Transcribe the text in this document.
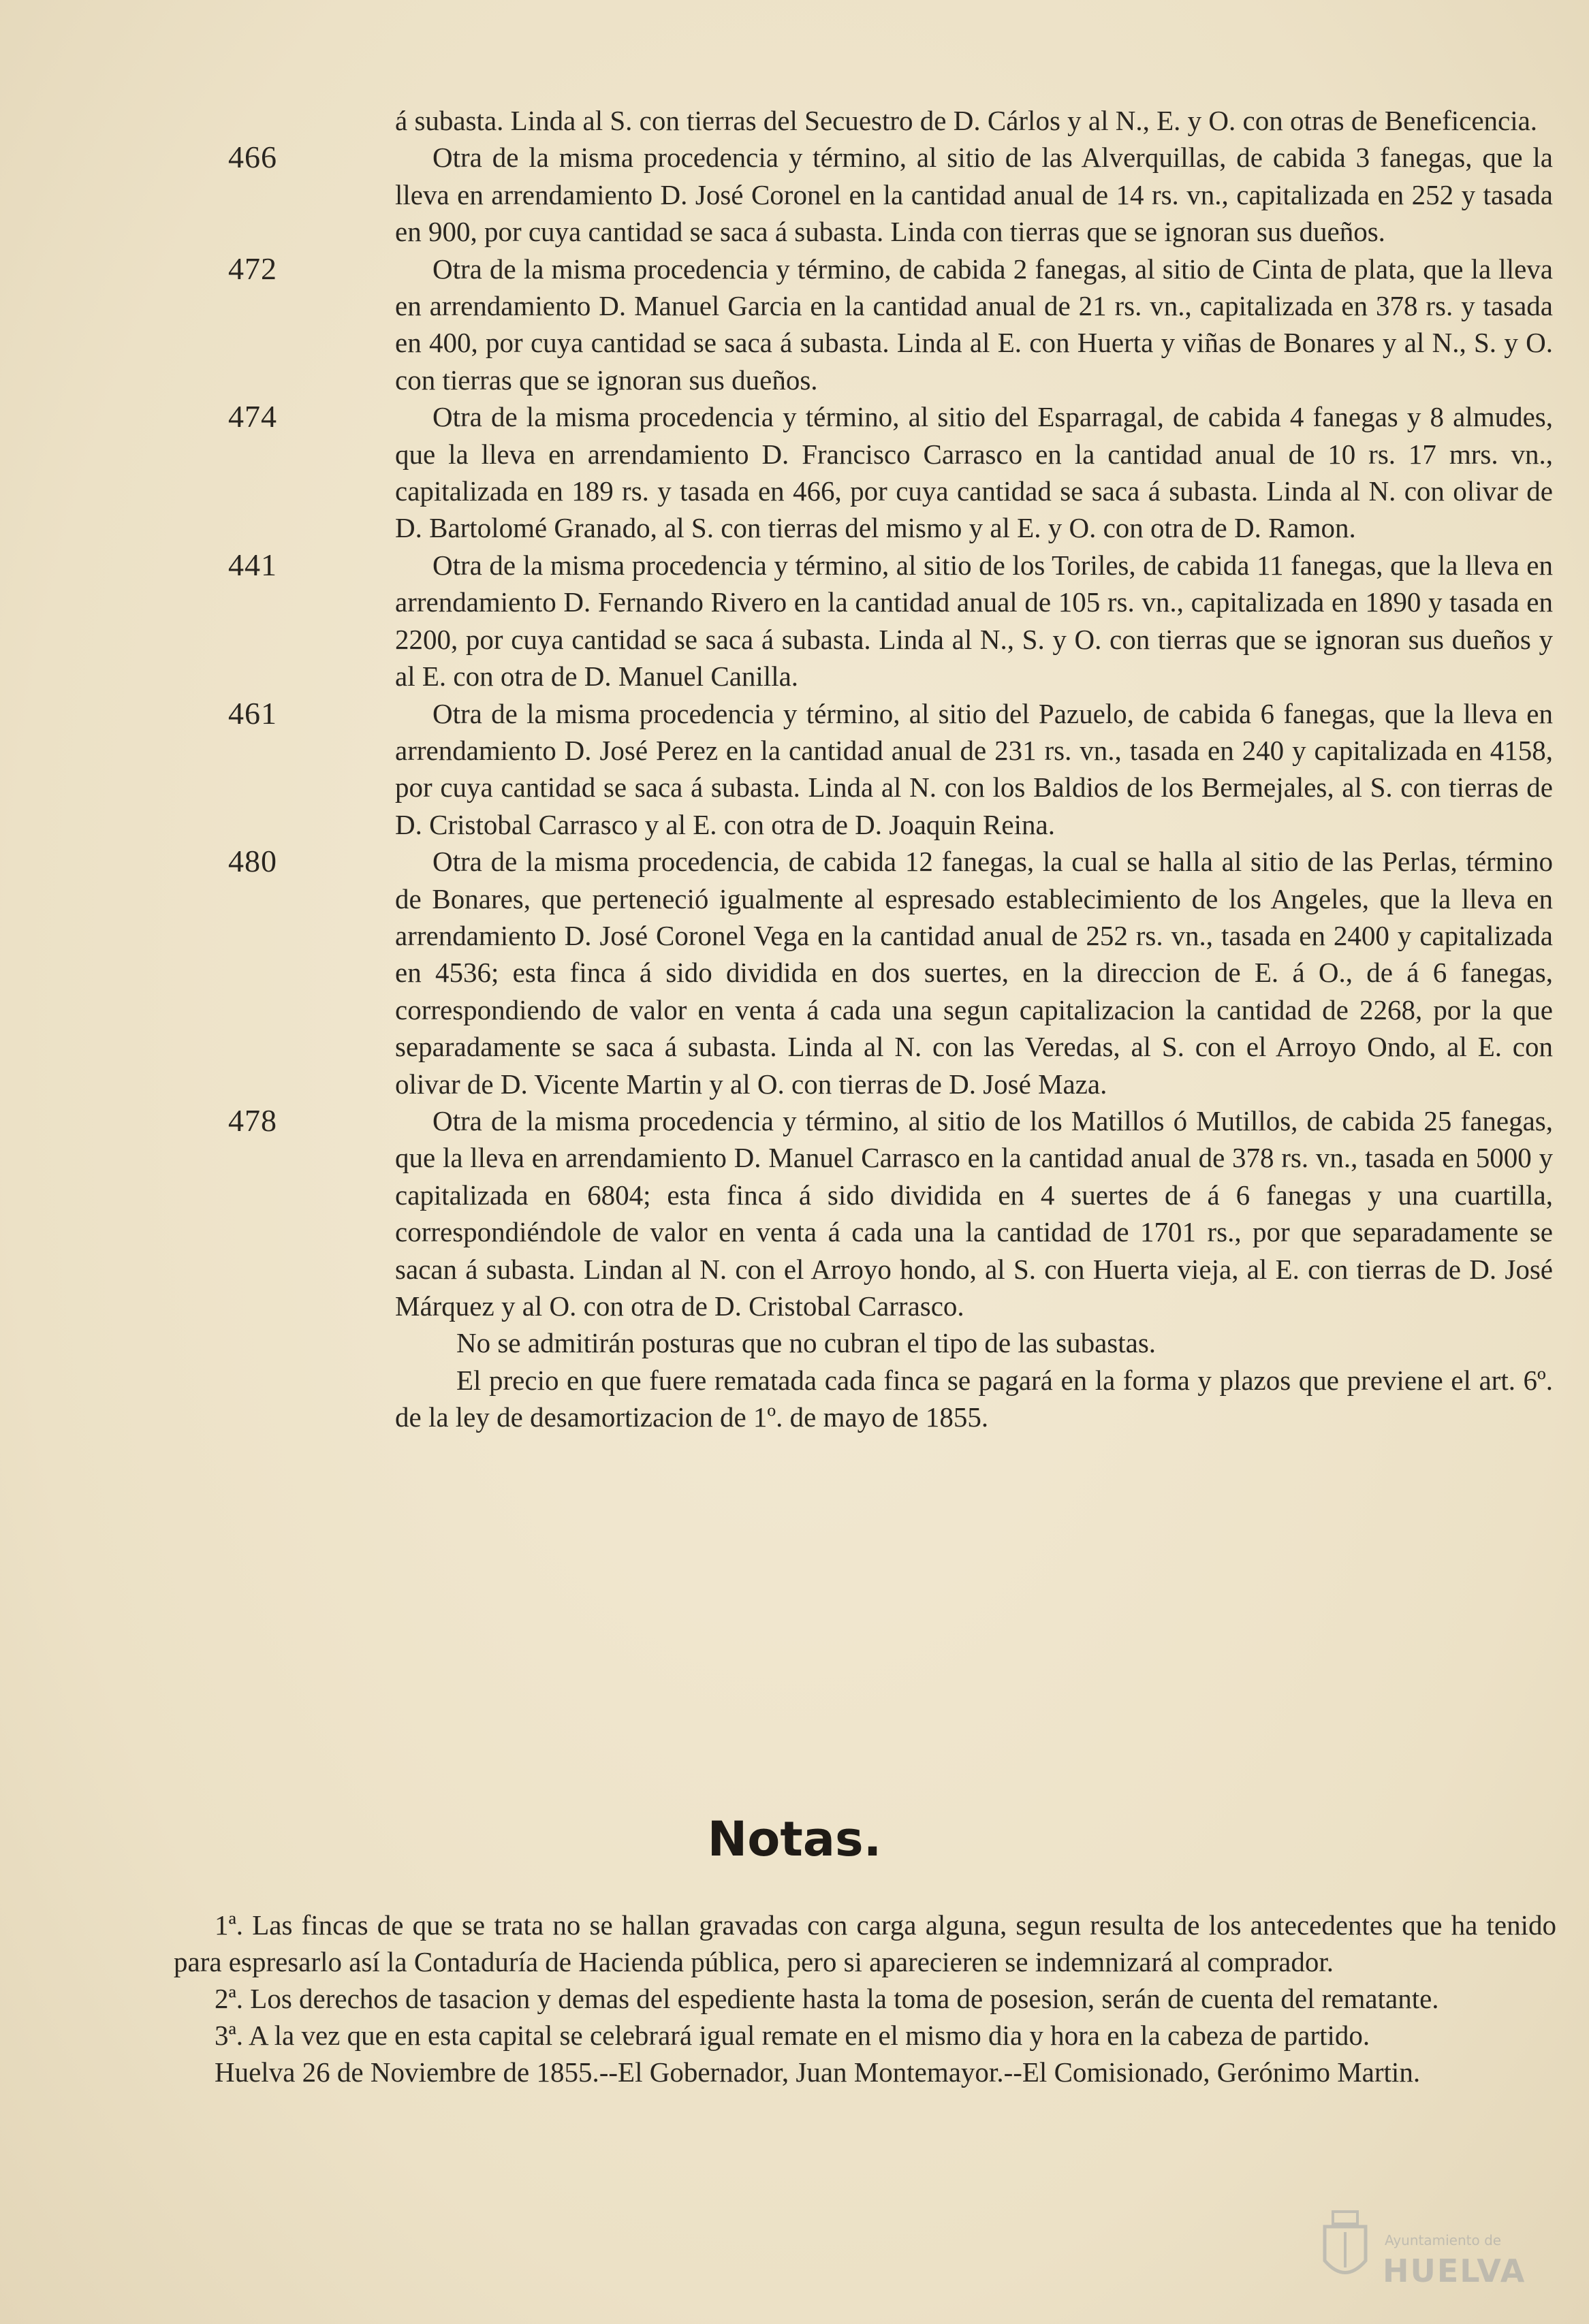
á subasta. Linda al S. con tierras del Secuestro de D. Cárlos y al N., E. y O. con otras de Beneficencia.

466	Otra de la misma procedencia y término, al sitio de las Alverquillas, de cabida 3 fanegas, que la lleva en arrendamiento D. José Coronel en la cantidad anual de 14 rs. vn., capitalizada en 252 y tasada en 900, por cuya cantidad se saca á subasta. Linda con tierras que se ignoran sus dueños.

472	Otra de la misma procedencia y término, de cabida 2 fanegas, al sitio de Cinta de plata, que la lleva en arrendamiento D. Manuel Garcia en la cantidad anual de 21 rs. vn., capitalizada en 378 rs. y tasada en 400, por cuya cantidad se saca á subasta. Linda al E. con Huerta y viñas de Bonares y al N., S. y O. con tierras que se ignoran sus dueños.

474	Otra de la misma procedencia y término, al sitio del Esparragal, de cabida 4 fanegas y 8 almudes, que la lleva en arrendamiento D. Francisco Carrasco en la cantidad anual de 10 rs. 17 mrs. vn., capitalizada en 189 rs. y tasada en 466, por cuya cantidad se saca á subasta. Linda al N. con olivar de D. Bartolomé Granado, al S. con tierras del mismo y al E. y O. con otra de D. Ramon.

441	Otra de la misma procedencia y término, al sitio de los Toriles, de cabida 11 fanegas, que la lleva en arrendamiento D. Fernando Rivero en la cantidad anual de 105 rs. vn., capitalizada en 1890 y tasada en 2200, por cuya cantidad se saca á subasta. Linda al N., S. y O. con tierras que se ignoran sus dueños y al E. con otra de D. Manuel Canilla.

461	Otra de la misma procedencia y término, al sitio del Pazuelo, de cabida 6 fanegas, que la lleva en arrendamiento D. José Perez en la cantidad anual de 231 rs. vn., tasada en 240 y capitalizada en 4158, por cuya cantidad se saca á subasta. Linda al N. con los Baldios de los Bermejales, al S. con tierras de D. Cristobal Carrasco y al E. con otra de D. Joaquin Reina.

480	Otra de la misma procedencia, de cabida 12 fanegas, la cual se halla al sitio de las Perlas, término de Bonares, que perteneció igualmente al espresado establecimiento de los Angeles, que la lleva en arrendamiento D. José Coronel Vega en la cantidad anual de 252 rs. vn., tasada en 2400 y capitalizada en 4536; esta finca á sido dividida en dos suertes, en la direccion de E. á O., de á 6 fanegas, correspondiendo de valor en venta á cada una segun capitalizacion la cantidad de 2268, por la que separadamente se saca á subasta. Linda al N. con las Veredas, al S. con el Arroyo Ondo, al E. con olivar de D. Vicente Martin y al O. con tierras de D. José Maza.

478	Otra de la misma procedencia y término, al sitio de los Matillos ó Mutillos, de cabida 25 fanegas, que la lleva en arrendamiento D. Manuel Carrasco en la cantidad anual de 378 rs. vn., tasada en 5000 y capitalizada en 6804; esta finca á sido dividida en 4 suertes de á 6 fanegas y una cuartilla, correspondiéndole de valor en venta á cada una la cantidad de 1701 rs., por que separadamente se sacan á subasta. Lindan al N. con el Arroyo hondo, al S. con Huerta vieja, al E. con tierras de D. José Márquez y al O. con otra de D. Cristobal Carrasco.

No se admitirán posturas que no cubran el tipo de las subastas.

El precio en que fuere rematada cada finca se pagará en la forma y plazos que previene el art. 6º. de la ley de desamortizacion de 1º. de mayo de 1855.

Notas.

1ª. Las fincas de que se trata no se hallan gravadas con carga alguna, segun resulta de los antecedentes que ha tenido para espresarlo así la Contaduría de Hacienda pública, pero si aparecieren se indemnizará al comprador.

2ª. Los derechos de tasacion y demas del espediente hasta la toma de posesion, serán de cuenta del rematante.

3ª. A la vez que en esta capital se celebrará igual remate en el mismo dia y hora en la cabeza de partido.

Huelva 26 de Noviembre de 1855.--El Gobernador, Juan Montemayor.--El Comisionado, Gerónimo Martin.

Ayuntamiento de
HUELVA
